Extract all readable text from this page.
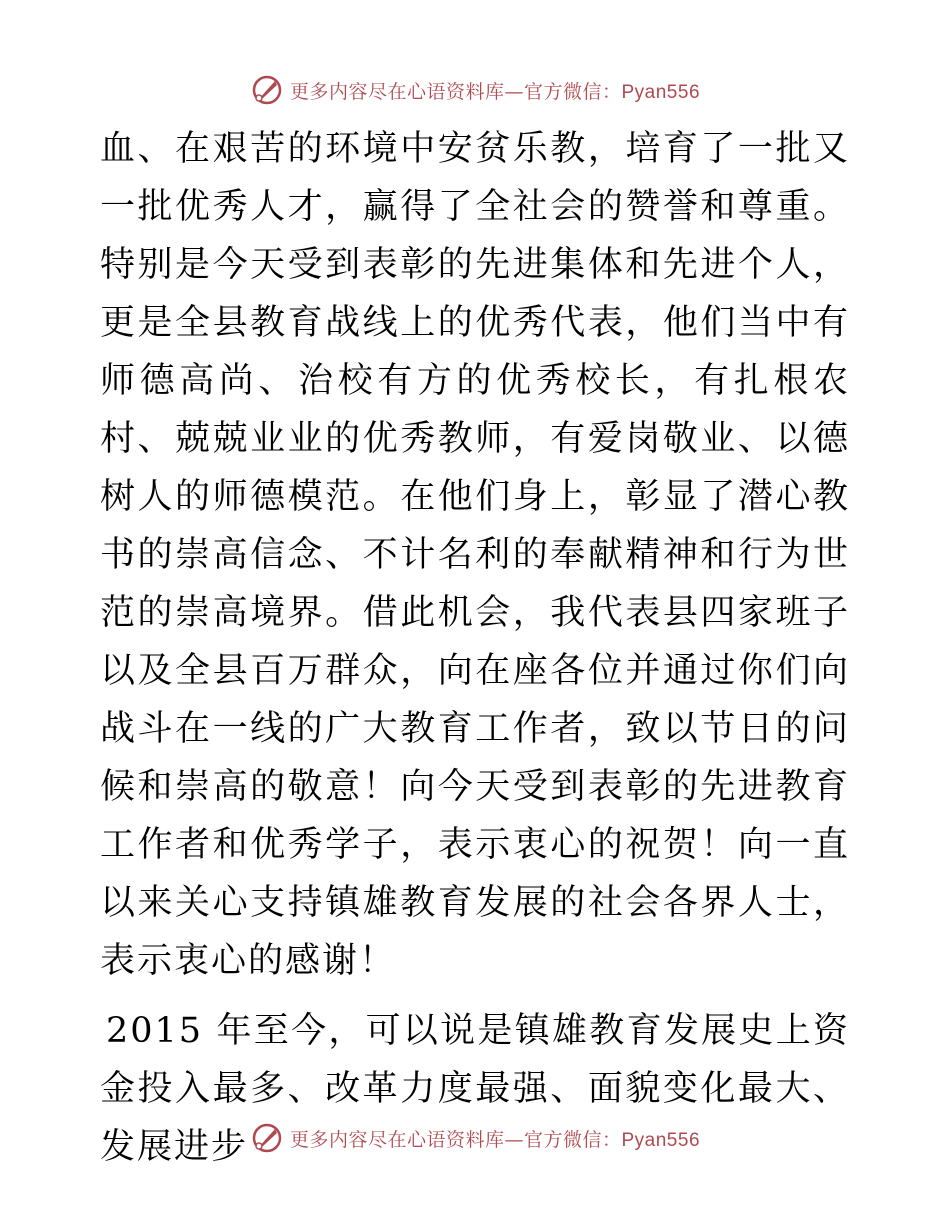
更多内容尽在心语资料库—官方微信：Pyan556

血、在艰苦的环境中安贫乐教，培育了一批又一批优秀人才，赢得了全社会的赞誉和尊重。特别是今天受到表彰的先进集体和先进个人，更是全县教育战线上的优秀代表，他们当中有师德高尚、治校有方的优秀校长，有扎根农村、兢兢业业的优秀教师，有爱岗敬业、以德树人的师德模范。在他们身上，彰显了潜心教书的崇高信念、不计名利的奉献精神和行为世范的崇高境界。借此机会，我代表县四家班子以及全县百万群众，向在座各位并通过你们向战斗在一线的广大教育工作者，致以节日的问候和崇高的敬意！向今天受到表彰的先进教育工作者和优秀学子，表示衷心的祝贺！向一直以来关心支持镇雄教育发展的社会各界人士，表示衷心的感谢！

2015 年至今，可以说是镇雄教育发展史上资金投入最多、改革力度最强、面貌变化最大、发展进步	更多内容尽在心语资料库—官方微信：Pyan556
